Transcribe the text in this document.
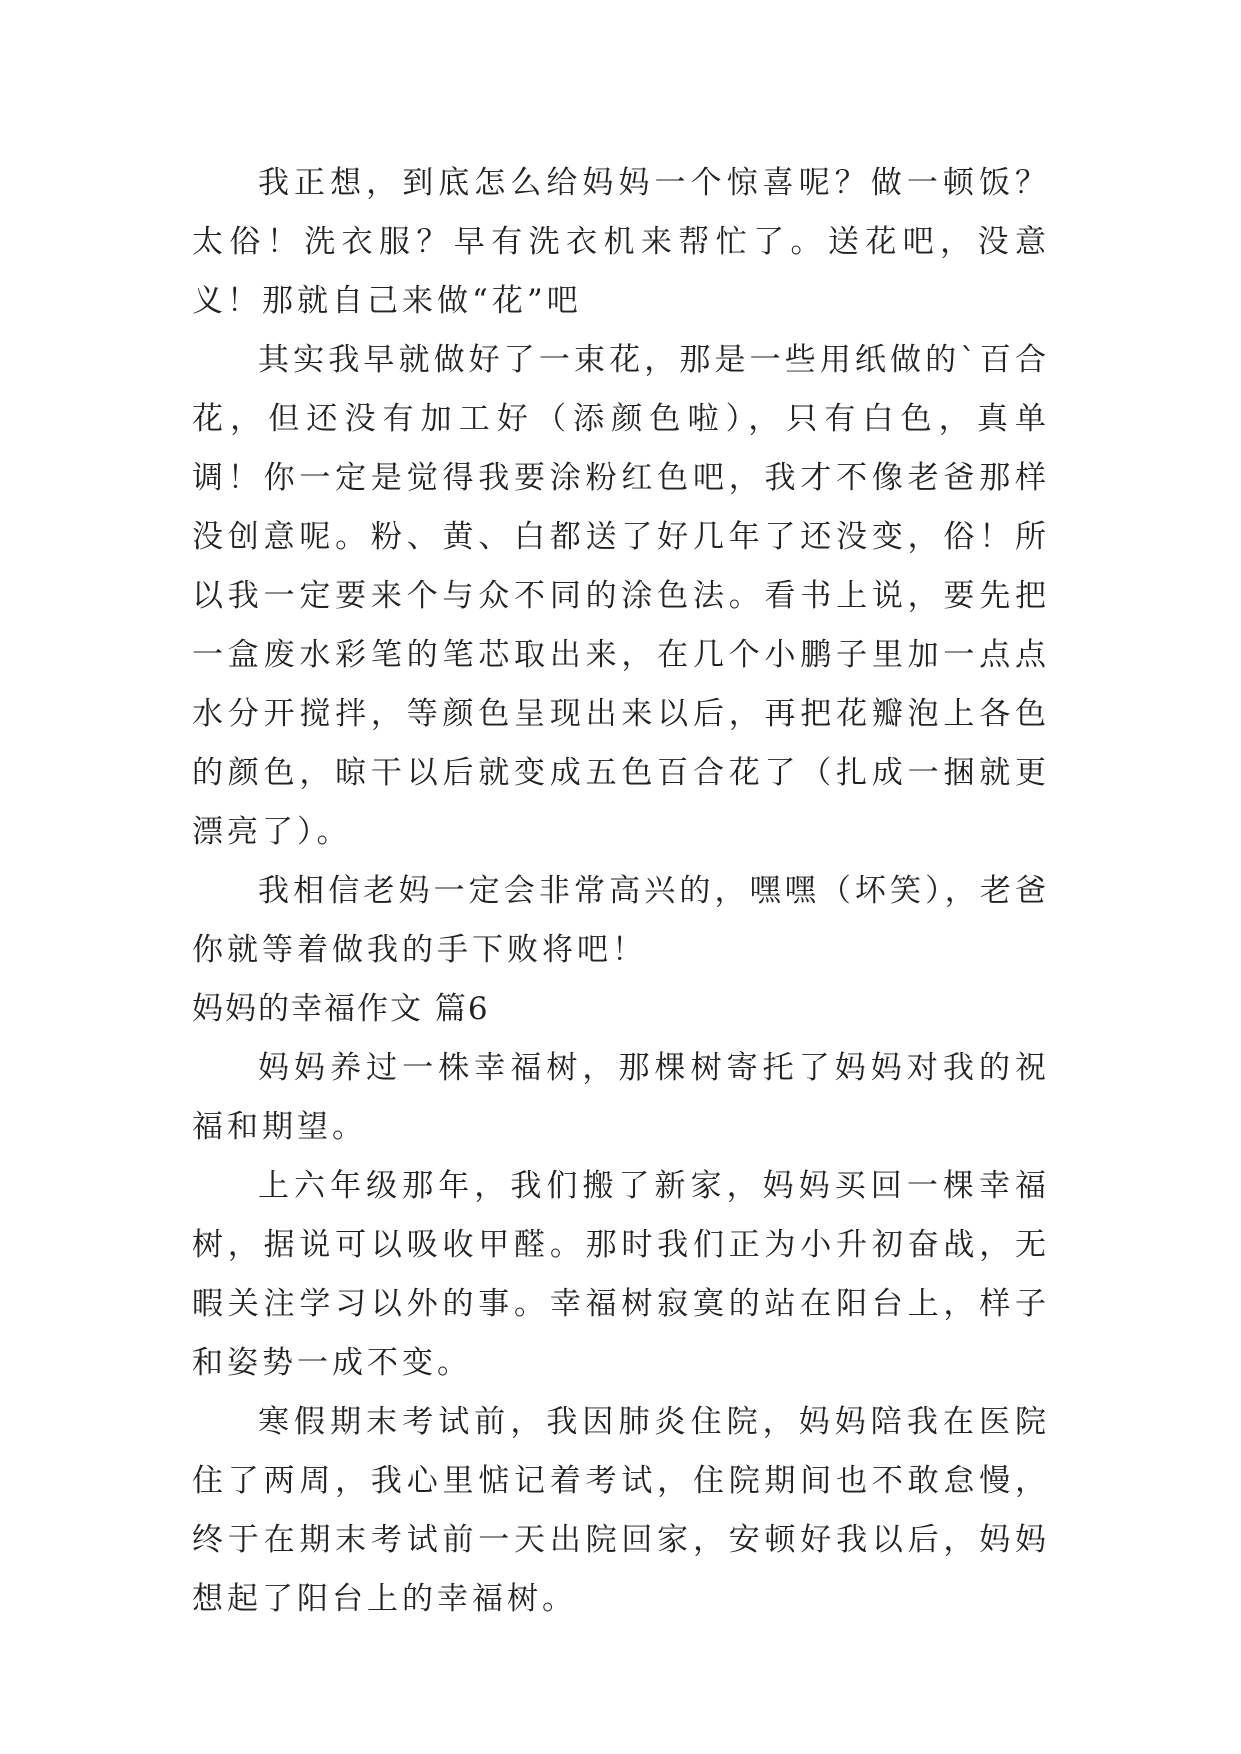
我正想，到底怎么给妈妈一个惊喜呢？做一顿饭？太俗！洗衣服？早有洗衣机来帮忙了。送花吧，没意义！那就自己来做“花”吧

其实我早就做好了一束花，那是一些用纸做的`百合花，但还没有加工好（添颜色啦），只有白色，真单调！你一定是觉得我要涂粉红色吧，我才不像老爸那样没创意呢。粉、黄、白都送了好几年了还没变，俗！所以我一定要来个与众不同的涂色法。看书上说，要先把一盒废水彩笔的笔芯取出来，在几个小鹏子里加一点点水分开搅拌，等颜色呈现出来以后，再把花瓣泡上各色的颜色，晾干以后就变成五色百合花了（扎成一捆就更漂亮了）。

我相信老妈一定会非常高兴的，嘿嘿（坏笑），老爸你就等着做我的手下败将吧！

妈妈的幸福作文 篇6

妈妈养过一株幸福树，那棵树寄托了妈妈对我的祝福和期望。

上六年级那年，我们搬了新家，妈妈买回一棵幸福树，据说可以吸收甲醛。那时我们正为小升初奋战，无暇关注学习以外的事。幸福树寂寞的站在阳台上，样子和姿势一成不变。

寒假期末考试前，我因肺炎住院，妈妈陪我在医院住了两周，我心里惦记着考试，住院期间也不敢怠慢，终于在期末考试前一天出院回家，安顿好我以后，妈妈想起了阳台上的幸福树。
